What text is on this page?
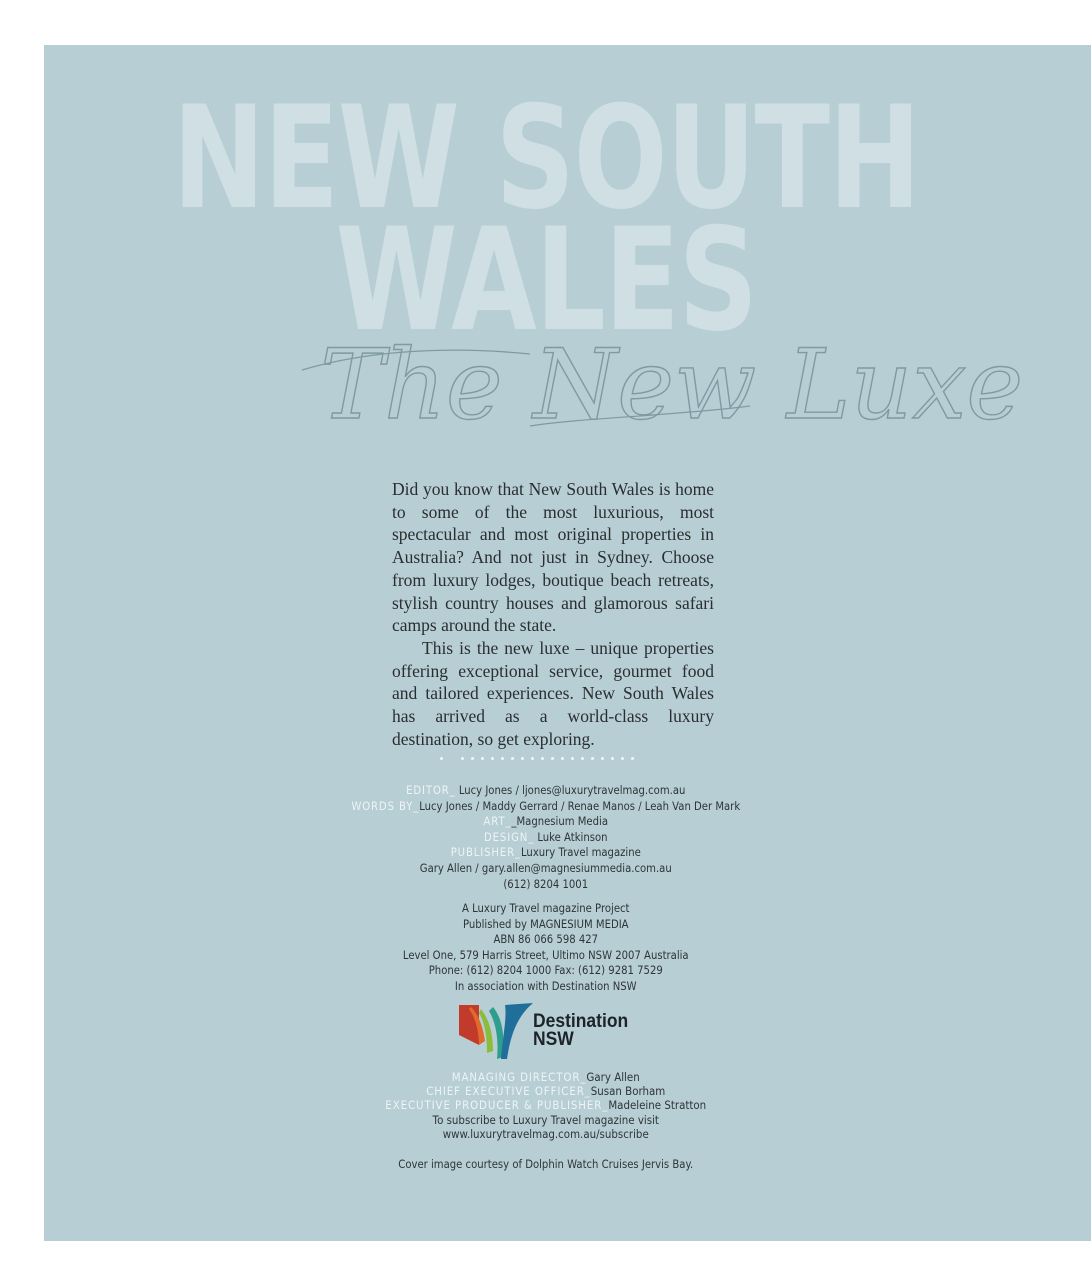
NEW SOUTH
WALES
The New Luxe

Did you know that New South Wales is home to some of the most luxurious, most spectacular and most original properties in Australia? And not just in Sydney. Choose from luxury lodges, boutique beach retreats, stylish country houses and glamorous safari camps around the state.

This is the new luxe – unique properties offering exceptional service, gourmet food and tailored experiences. New South Wales has arrived as a world-class luxury destination, so get exploring.

EDITOR_ Lucy Jones / ljones@luxurytravelmag.com.au
WORDS BY_Lucy Jones / Maddy Gerrard / Renae Manos / Leah Van Der Mark
ART__Magnesium Media
DESIGN_ Luke Atkinson
PUBLISHER_Luxury Travel magazine
Gary Allen / gary.allen@magnesiummedia.com.au
(612) 8204 1001
A Luxury Travel magazine Project
Published by MAGNESIUM MEDIA
ABN 86 066 598 427
Level One, 579 Harris Street, Ultimo NSW 2007 Australia
Phone: (612) 8204 1000 Fax: (612) 9281 7529
In association with Destination NSW
Destination
NSW
MANAGING DIRECTOR_Gary Allen
CHIEF EXECUTIVE OFFICER_Susan Borham
EXECUTIVE PRODUCER & PUBLISHER_Madeleine Stratton
To subscribe to Luxury Travel magazine visit
www.luxurytravelmag.com.au/subscribe
Cover image courtesy of Dolphin Watch Cruises Jervis Bay.
